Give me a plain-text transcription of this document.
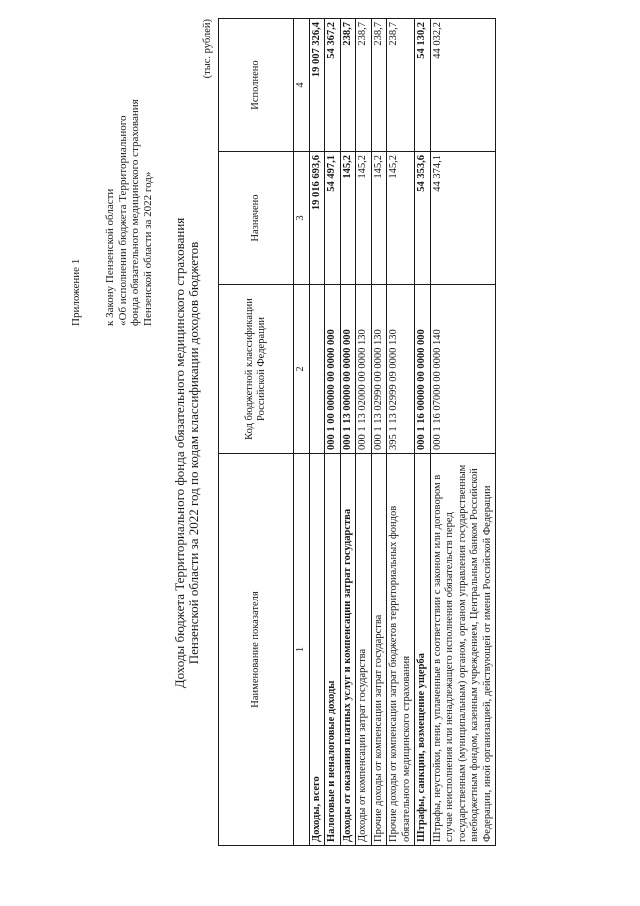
Приложение 1 к Закону Пензенской области «Об исполнении бюджета Территориального фонда обязательного медицинского страхования Пензенской области за 2022 год» Доходы бюджета Территориального фонда обязательного медицинского страхования Пензенской области за 2022 год по кодам классификации доходов бюджетов
(тыс. рублей)
Наименование показателя	Код бюджетной классификации Российской Федерации	Назначено	Исполнено
1	2	3	4
Доходы, всего		19 016 693,6	19 007 326,4
Налоговые и неналоговые доходы	000 1 00 00000 00 0000 000	54 497,1	54 367,2
Доходы от оказания платных услуг и компенсации затрат государства	000 1 13 00000 00 0000 000	145,2	238,7
Доходы от компенсации затрат государства	000 1 13 02000 00 0000 130	145,2	238,7
Прочие доходы от компенсации затрат государства	000 1 13 02990 00 0000 130	145,2	238,7
Прочие доходы от компенсации затрат бюджетов территориальных фондов обязательного медицинского страхования	395 1 13 02999 09 0000 130	145,2	238,7
Штрафы, санкции, возмещение ущерба	000 1 16 00000 00 0000 000	54 353,6	54 130,2
Штрафы, неустойки, пени, уплаченные в соответствии с законом или договором в случае неисполнения или ненадлежащего исполнения обязательств перед государственным (муниципальным) органом, органом управления государственным внебюджетным фондом, казенным учреждением, Центральным банком Российской Федерации, иной организацией, действующей от имени Российской Федерации	000 1 16 07000 00 0000 140	44 374,1	44 032,2
